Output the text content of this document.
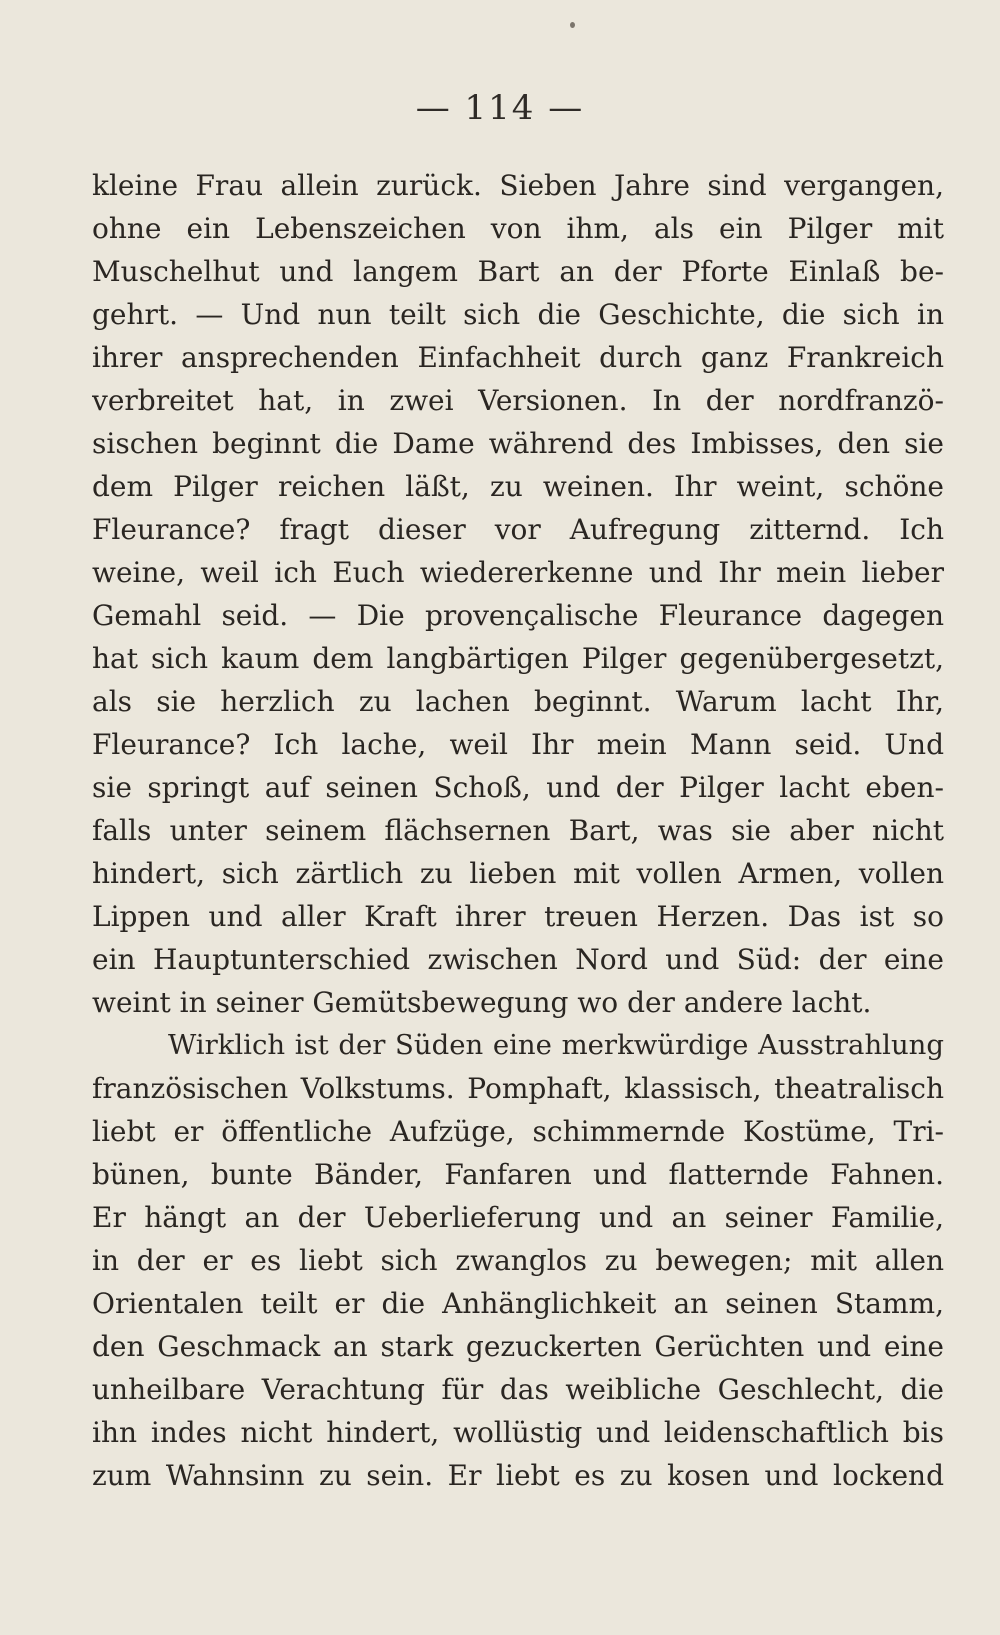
— 114 —
kleine Frau allein zurück. Sieben Jahre sind vergangen,
ohne ein Lebenszeichen von ihm, als ein Pilger mit
Muschelhut und langem Bart an der Pforte Einlaß be-
gehrt. — Und nun teilt sich die Geschichte, die sich in
ihrer ansprechenden Einfachheit durch ganz Frankreich
verbreitet hat, in zwei Versionen. In der nordfranzö-
sischen beginnt die Dame während des Imbisses, den sie
dem Pilger reichen läßt, zu weinen. Ihr weint, schöne
Fleurance? fragt dieser vor Aufregung zitternd. Ich
weine, weil ich Euch wiedererkenne und Ihr mein lieber
Gemahl seid. — Die provençalische Fleurance dagegen
hat sich kaum dem langbärtigen Pilger gegenübergesetzt,
als sie herzlich zu lachen beginnt. Warum lacht Ihr,
Fleurance? Ich lache, weil Ihr mein Mann seid. Und
sie springt auf seinen Schoß, und der Pilger lacht eben-
falls unter seinem flächsernen Bart, was sie aber nicht
hindert, sich zärtlich zu lieben mit vollen Armen, vollen
Lippen und aller Kraft ihrer treuen Herzen. Das ist so
ein Hauptunterschied zwischen Nord und Süd: der eine
weint in seiner Gemütsbewegung wo der andere lacht.
Wirklich ist der Süden eine merkwürdige Ausstrahlung
französischen Volkstums. Pomphaft, klassisch, theatralisch
liebt er öffentliche Aufzüge, schimmernde Kostüme, Tri-
bünen, bunte Bänder, Fanfaren und flatternde Fahnen.
Er hängt an der Ueberlieferung und an seiner Familie,
in der er es liebt sich zwanglos zu bewegen; mit allen
Orientalen teilt er die Anhänglichkeit an seinen Stamm,
den Geschmack an stark gezuckerten Gerüchten und eine
unheilbare Verachtung für das weibliche Geschlecht, die
ihn indes nicht hindert, wollüstig und leidenschaftlich bis
zum Wahnsinn zu sein. Er liebt es zu kosen und lockend
